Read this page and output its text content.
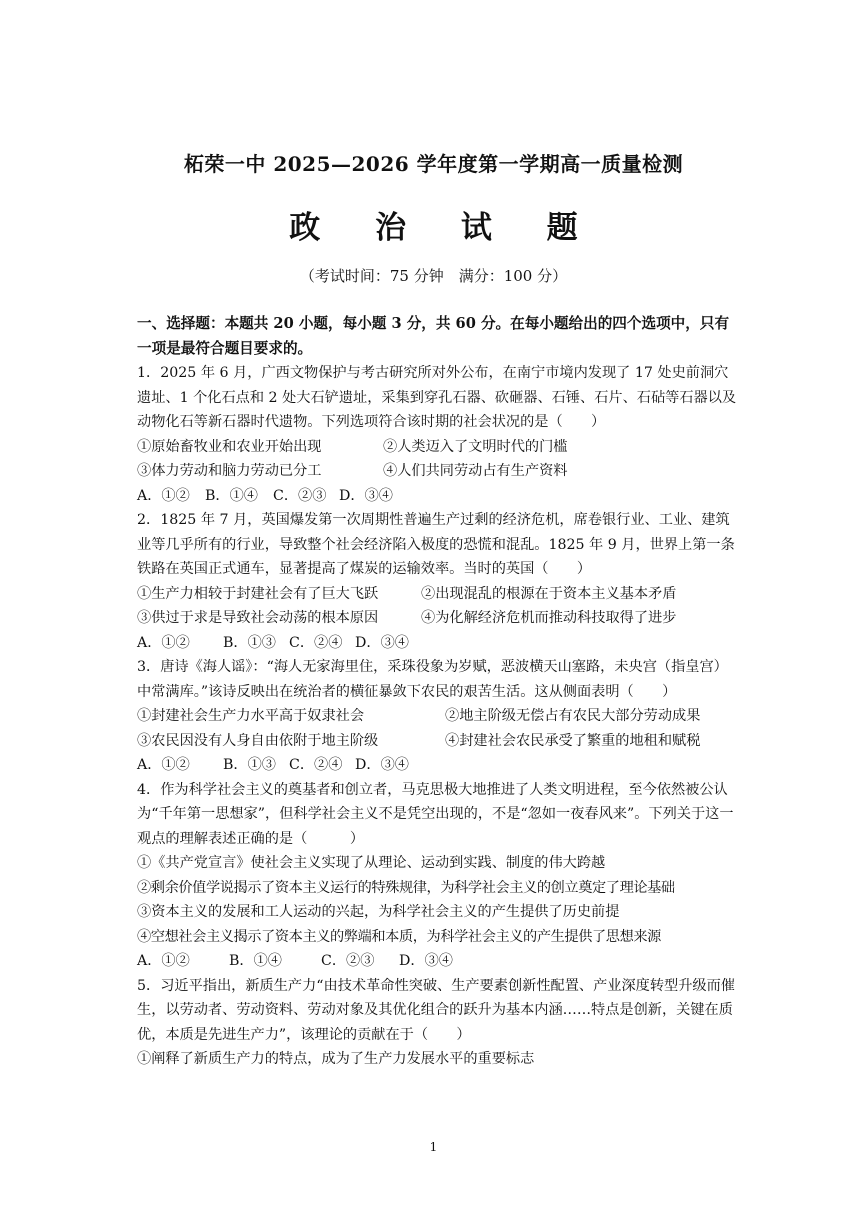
柘荣一中 2025—2026 学年度第一学期高一质量检测
政 治 试 题
（考试时间：75 分钟　满分：100 分）

一、选择题：本题共 20 小题，每小题 3 分，共 60 分。在每小题给出的四个选项中，只有一项是最符合题目要求的。

1．2025 年 6 月，广西文物保护与考古研究所对外公布，在南宁市境内发现了 17 处史前洞穴遗址、1 个化石点和 2 处大石铲遗址，采集到穿孔石器、砍砸器、石锤、石片、石砧等石器以及动物化石等新石器时代遗物。下列选项符合该时期的社会状况的是（　　）

①原始畜牧业和农业开始出现	②人类迈入了文明时代的门槛
③体力劳动和脑力劳动已分工	④人们共同劳动占有生产资料
A．①②	B．①④	C．②③ D．③④

2．1825 年 7 月，英国爆发第一次周期性普遍生产过剩的经济危机，席卷银行业、工业、建筑业等几乎所有的行业，导致整个社会经济陷入极度的恐慌和混乱。1825 年 9 月，世界上第一条铁路在英国正式通车，显著提高了煤炭的运输效率。当时的英国（　　）

①生产力相较于封建社会有了巨大飞跃	②出现混乱的根源在于资本主义基本矛盾
③供过于求是导致社会动荡的根本原因	④为化解经济危机而推动科技取得了进步
A．①②	B．①③ C．②④ D．③④

3．唐诗《海人谣》：“海人无家海里住，采珠役象为岁赋，恶波横天山塞路，未央宫（指皇宫）中常满库。”该诗反映出在统治者的横征暴敛下农民的艰苦生活。这从侧面表明（　　）

①封建社会生产力水平高于奴隶社会	②地主阶级无偿占有农民大部分劳动成果
③农民因没有人身自由依附于地主阶级	④封建社会农民承受了繁重的地租和赋税
A．①②	B．①③ C．②④ D．③④

4．作为科学社会主义的奠基者和创立者，马克思极大地推进了人类文明进程，至今依然被公认为“千年第一思想家”，但科学社会主义不是凭空出现的，不是“忽如一夜春风来”。下列关于这一观点的理解表述正确的是（　　　）

①《共产党宣言》使社会主义实现了从理论、运动到实践、制度的伟大跨越

②剩余价值学说揭示了资本主义运行的特殊规律，为科学社会主义的创立奠定了理论基础

③资本主义的发展和工人运动的兴起，为科学社会主义的产生提供了历史前提

④空想社会主义揭示了资本主义的弊端和本质，为科学社会主义的产生提供了思想来源

A．①②	B．①④	C．②③	D．③④

5．习近平指出，新质生产力“由技术革命性突破、生产要素创新性配置、产业深度转型升级而催生，以劳动者、劳动资料、劳动对象及其优化组合的跃升为基本内涵……特点是创新，关键在质优，本质是先进生产力”，该理论的贡献在于（　　）

①阐释了新质生产力的特点，成为了生产力发展水平的重要标志

1
